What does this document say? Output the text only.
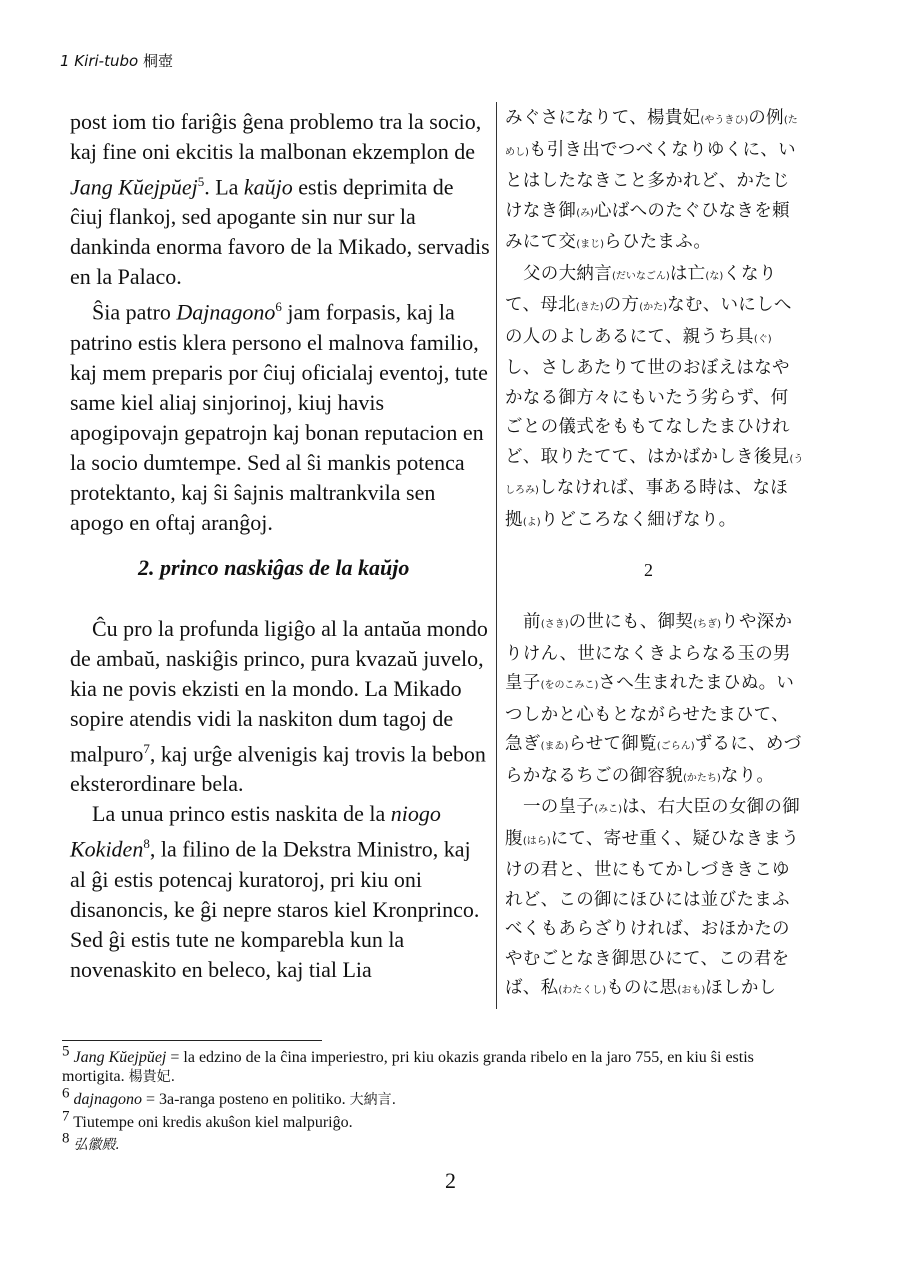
1 Kiri-tubo 桐壺

post iom tio fariĝis ĝena problemo tra la socio, kaj fine oni ekcitis la malbonan ekzemplon de Jang Kŭejpŭej$^5$. La kaŭjo estis deprimita de ĉiuj flankoj, sed apogante sin nur sur la dankinda enorma favoro de la Mikado, servadis en la Palaco.

Ŝia patro Dajnagono$^6$ jam forpasis, kaj la patrino estis klera persono el malnova familio, kaj mem preparis por ĉiuj oficialaj eventoj, tute same kiel aliaj sinjorinoj, kiuj havis apogipovajn gepatrojn kaj bonan reputacion en la socio dumtempe. Sed al ŝi mankis potenca protektanto, kaj ŝi ŝajnis maltrankvila sen apogo en oftaj aranĝoj.

みぐさになりて、楊貴妃(やうきひ)の例(ためし)も引き出でつべくなりゆくに、いとはしたなきこと多かれど、かたじけなき御(み)心ばへのたぐひなきを頼みにて交(まじ)らひたまふ。

父の大納言(だいなごん)は亡(な)くなりて、母北(きた)の方(かた)なむ、いにしへの人のよしあるにて、親うち具(ぐ)し、さしあたりて世のおぼえはなやかなる御方々にもいたう劣らず、何ごとの儀式をももてなしたまひけれど、取りたてて、はかばかしき後見(うしろみ)しなければ、事ある時は、なほ拠(よ)りどころなく細げなり。

2. princo naskiĝas de la kaŭjo	2

Ĉu pro la profunda ligiĝo al la antaŭa mondo de ambaŭ, naskiĝis princo, pura kvazaŭ juvelo, kia ne povis ekzisti en la mondo. La Mikado sopire atendis vidi la naskiton dum tagoj de malpuro$^7$, kaj urĝe alvenigis kaj trovis la bebon eksterordinare bela.

La unua princo estis naskita de la niogo Kokiden$^8$, la filino de la Dekstra Ministro, kaj al ĝi estis potencaj kuratoroj, pri kiu oni disanoncis, ke ĝi nepre staros kiel Kronprinco. Sed ĝi estis tute ne komparebla kun la novenaskito en beleco, kaj tial Lia

前(さき)の世にも、御契(ちぎ)りや深かりけん、世になくきよらなる玉の男皇子(をのこみこ)さへ生まれたまひぬ。いつしかと心もとながらせたまひて、急ぎ(まゐ)らせて御覧(ごらん)ずるに、めづらかなるちごの御容貌(かたち)なり。

一の皇子(みこ)は、右大臣の女御の御腹(はら)にて、寄せ重く、疑ひなきまうけの君と、世にもてかしづききこゆれど、この御にほひには並びたまふべくもあらざりければ、おほかたのやむごとなき御思ひにて、この君をば、私(わたくし)ものに思(おも)ほしかし

5 Jang Kŭejpŭej = la edzino de la ĉina imperiestro, pri kiu okazis granda ribelo en la jaro 755, en kiu ŝi estis mortigita. 楊貴妃.
6 dajnagono = 3a-ranga posteno en politiko. 大納言.
7 Tiutempe oni kredis akuŝon kiel malpuriĝo.
8 弘徽殿.
2
